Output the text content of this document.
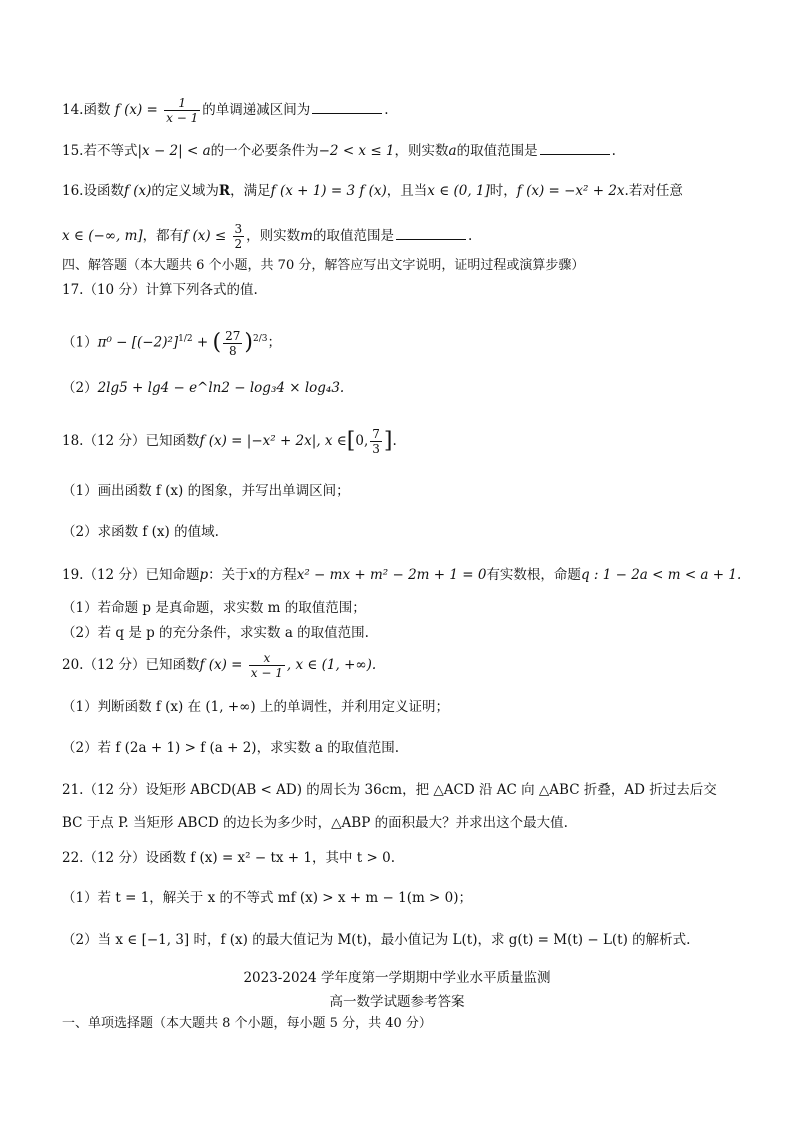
14.函数 f $(x) = \frac{1}{x - 1}$ 的单调递减区间为	.
15.若不等式|x − 2| < a的一个必要条件为−2 < x ≤ 1，则实数a的取值范围是	.
16.设函数f (x)的定义域为R，满足f (x + 1) = 3 f (x)，且当x ∈ (0, 1]时，f (x) = −x² + 2x.若对任意
x ∈ (−∞, m]，都有f $(x) \le \frac{3}{2}$ ，则实数m的取值范围是	.
四、解答题（本大题共 6 个小题，共 70 分，解答应写出文字说明，证明过程或演算步骤）
17.（10 分）计算下列各式的值.
$(1)\pi^0 - [(-2)^2]^{1/2}$ + ( $\frac{27}{8} )^{2/3}$；
（2）2lg5 + lg4 − e^ln2 − log₃4 × log₄3.
18.（12 分）已知函数f (x) = |−x² + 2x|, x ∈[0, $\frac{7}{3}$ ].
（1）画出函数 f (x) 的图象，并写出单调区间；
（2）求函数 f (x) 的值域.
19.（12 分）已知命题p：关于x的方程x² − mx + m² − 2m + 1 = 0有实数根，命题q : 1 − 2a < m < a + 1.
（1）若命题 p 是真命题，求实数 m 的取值范围；
（2）若 q 是 p 的充分条件，求实数 a 的取值范围.
20.（12 分）已知函数f $(x) = \frac{x}{x - 1}$ , x ∈ (1, +∞).
（1）判断函数 f (x) 在 (1, +∞) 上的单调性，并利用定义证明；
（2）若 f (2a + 1) > f (a + 2)，求实数 a 的取值范围.
21.（12 分）设矩形 ABCD(AB < AD) 的周长为 36cm，把 △ACD 沿 AC 向 △ABC 折叠，AD 折过去后交
BC 于点 P. 当矩形 ABCD 的边长为多少时，△ABP 的面积最大？并求出这个最大值.
22.（12 分）设函数 f (x) = x² − tx + 1，其中 t > 0.
（1）若 t = 1，解关于 x 的不等式 mf (x) > x + m − 1(m > 0)；
（2）当 x ∈ [−1, 3] 时，f (x) 的最大值记为 M(t)，最小值记为 L(t)，求 g(t) = M(t) − L(t) 的解析式.
2023-2024 学年度第一学期期中学业水平质量监测
高一数学试题参考答案
一、单项选择题（本大题共 8 个小题，每小题 5 分，共 40 分）
